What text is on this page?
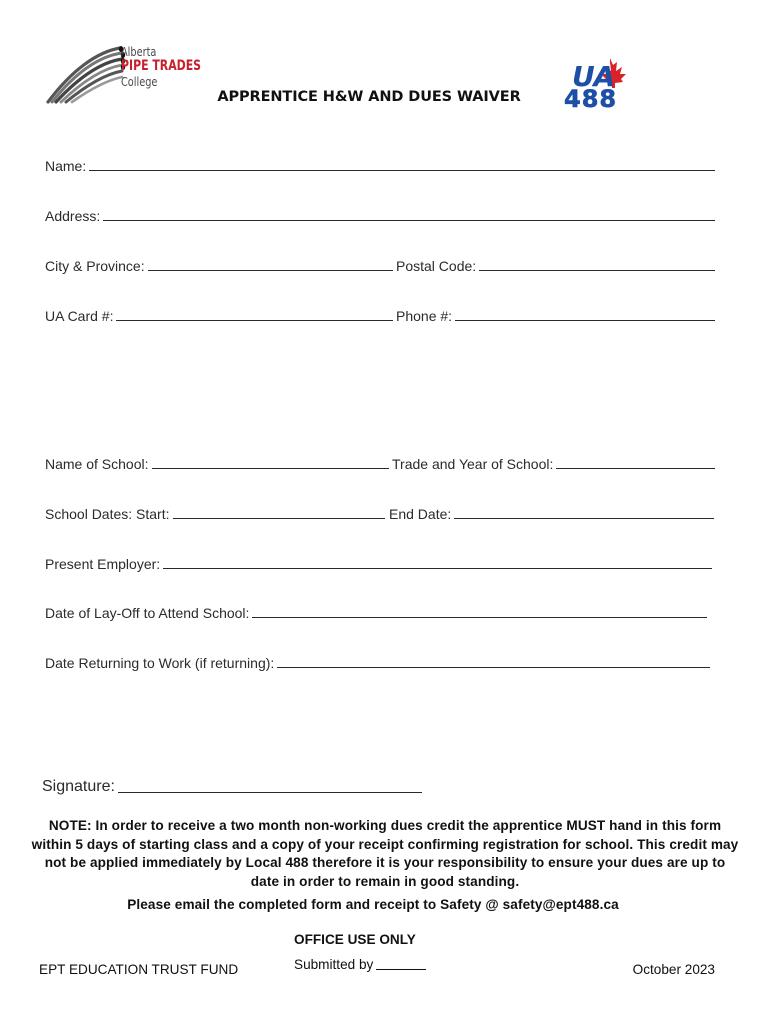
Alberta
PIPE TRADES
College	UA
488
APPRENTICE H&W AND DUES WAIVER
Name:
Address:
City & Province:	Postal Code:
UA Card #:	Phone #:
Name of School:	Trade and Year of School:
School Dates: Start:	End Date:
Present Employer:
Date of Lay-Off to Attend School:
Date Returning to Work (if returning):
Signature:
NOTE: In order to receive a two month non-working dues credit the apprentice MUST hand in this form within 5 days of starting class and a copy of your receipt confirming registration for school. This credit may not be applied immediately by Local 488 therefore it is your responsibility to ensure your dues are up to date in order to remain in good standing.
Please email the completed form and receipt to Safety @ safety@ept488.ca
OFFICE USE ONLY
Submitted by
EPT EDUCATION TRUST FUND	October 2023
